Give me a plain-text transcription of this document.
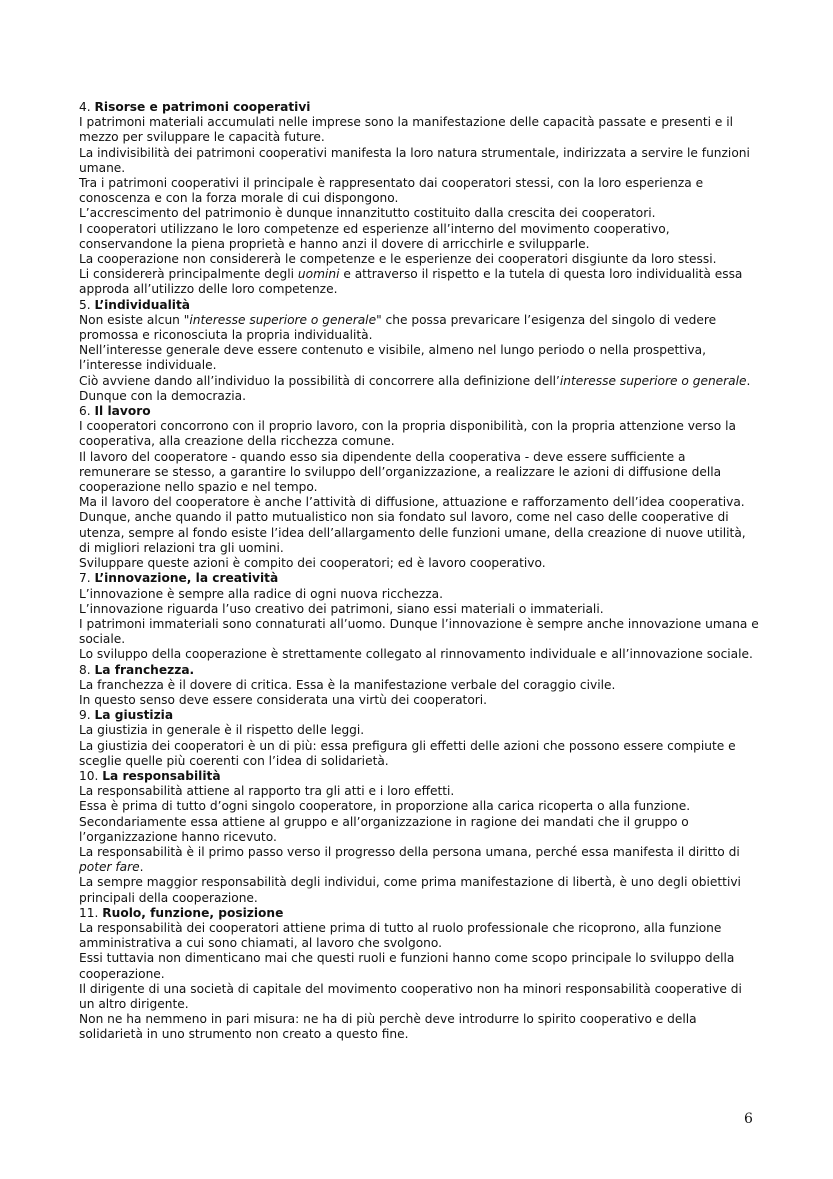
4. Risorse e patrimoni cooperativi

I patrimoni materiali accumulati nelle imprese sono la manifestazione delle capacità passate e presenti e il mezzo per sviluppare le capacità future.

La indivisibilità dei patrimoni cooperativi manifesta la loro natura strumentale, indirizzata a servire le funzioni umane.

Tra i patrimoni cooperativi il principale è rappresentato dai cooperatori stessi, con la loro esperienza e conoscenza e con la forza morale di cui dispongono.

L’accrescimento del patrimonio è dunque innanzitutto costituito dalla crescita dei cooperatori.

I cooperatori utilizzano le loro competenze ed esperienze all’interno del movimento cooperativo, conservandone la piena proprietà e hanno anzi il dovere di arricchirle e svilupparle.

La cooperazione non considererà le competenze e le esperienze dei cooperatori disgiunte da loro stessi.

Li considererà principalmente degli uomini e attraverso il rispetto e la tutela di questa loro individualità essa approda all’utilizzo delle loro competenze.

5. L’individualità

Non esiste alcun "interesse superiore o generale" che possa prevaricare l’esigenza del singolo di vedere promossa e riconosciuta la propria individualità.

Nell’interesse generale deve essere contenuto e visibile, almeno nel lungo periodo o nella prospettiva, l’interesse individuale.

Ciò avviene dando all’individuo la possibilità di concorrere alla definizione dell’interesse superiore o generale.

Dunque con la democrazia.

6. Il lavoro

I cooperatori concorrono con il proprio lavoro, con la propria disponibilità, con la propria attenzione verso la cooperativa, alla creazione della ricchezza comune.

Il lavoro del cooperatore - quando esso sia dipendente della cooperativa - deve essere sufficiente a remunerare se stesso, a garantire lo sviluppo dell’organizzazione, a realizzare le azioni di diffusione della cooperazione nello spazio e nel tempo.

Ma il lavoro del cooperatore è anche l’attività di diffusione, attuazione e rafforzamento dell’idea cooperativa.

Dunque, anche quando il patto mutualistico non sia fondato sul lavoro, come nel caso delle cooperative di utenza, sempre al fondo esiste l’idea dell’allargamento delle funzioni umane, della creazione di nuove utilità, di migliori relazioni tra gli uomini.

Sviluppare queste azioni è compito dei cooperatori; ed è lavoro cooperativo.

7. L’innovazione, la creatività

L’innovazione è sempre alla radice di ogni nuova ricchezza.

L’innovazione riguarda l’uso creativo dei patrimoni, siano essi materiali o immateriali.

I patrimoni immateriali sono connaturati all’uomo. Dunque l’innovazione è sempre anche innovazione umana e sociale.

Lo sviluppo della cooperazione è strettamente collegato al rinnovamento individuale e all’innovazione sociale.

8. La franchezza.

La franchezza è il dovere di critica. Essa è la manifestazione verbale del coraggio civile.

In questo senso deve essere considerata una virtù dei cooperatori.

9. La giustizia

La giustizia in generale è il rispetto delle leggi.

La giustizia dei cooperatori è un di più: essa prefigura gli effetti delle azioni che possono essere compiute e sceglie quelle più coerenti con l’idea di solidarietà.

10. La responsabilità

La responsabilità attiene al rapporto tra gli atti e i loro effetti.

Essa è prima di tutto d’ogni singolo cooperatore, in proporzione alla carica ricoperta o alla funzione.

Secondariamente essa attiene al gruppo e all’organizzazione in ragione dei mandati che il gruppo o l’organizzazione hanno ricevuto.

La responsabilità è il primo passo verso il progresso della persona umana, perché essa manifesta il diritto di poter fare.

La sempre maggior responsabilità degli individui, come prima manifestazione di libertà, è uno degli obiettivi principali della cooperazione.

11. Ruolo, funzione, posizione

La responsabilità dei cooperatori attiene prima di tutto al ruolo professionale che ricoprono, alla funzione amministrativa a cui sono chiamati, al lavoro che svolgono.

Essi tuttavia non dimenticano mai che questi ruoli e funzioni hanno come scopo principale lo sviluppo della cooperazione.

Il dirigente di una società di capitale del movimento cooperativo non ha minori responsabilità cooperative di un altro dirigente.

Non ne ha nemmeno in pari misura: ne ha di più perchè deve introdurre lo spirito cooperativo e della solidarietà in uno strumento non creato a questo fine.

6
